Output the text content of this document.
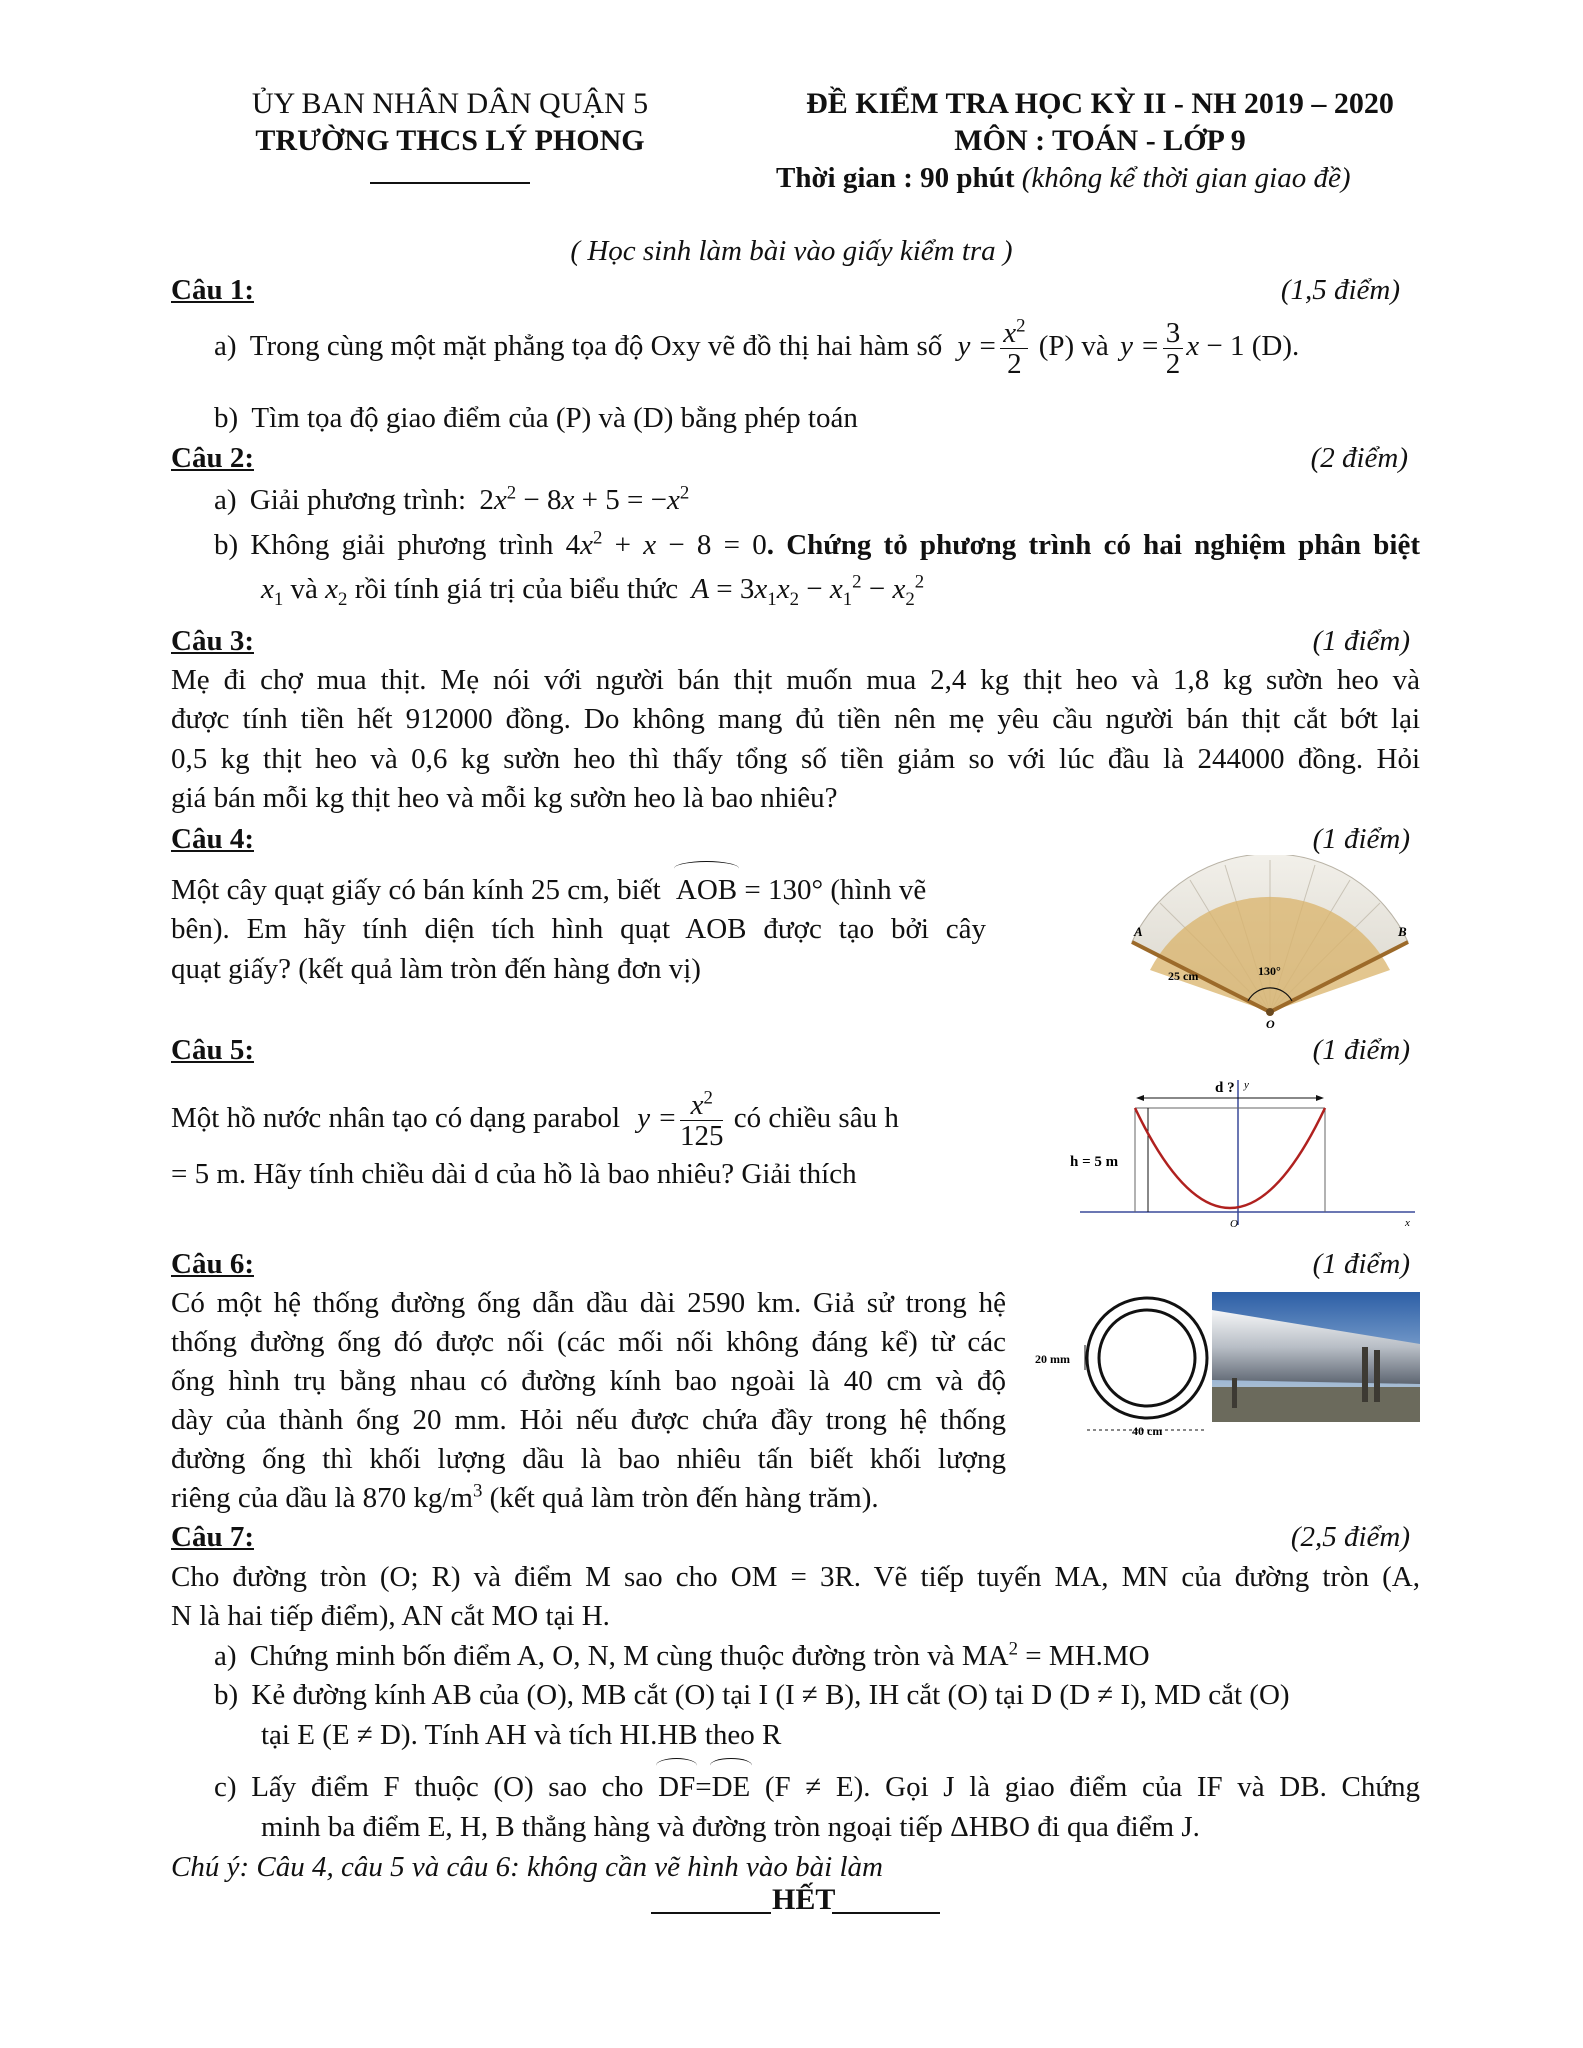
ỦY BAN NHÂN DÂN QUẬN 5
TRƯỜNG THCS LÝ PHONG
ĐỀ KIỂM TRA HỌC KỲ II - NH 2019 – 2020
MÔN : TOÁN - LỚP 9
Thời gian : 90 phút (không kể thời gian giao đề)
( Học sinh làm bài vào giấy kiểm tra )
Câu 1:	(1,5 điểm)
a) Trong cùng một mặt phẳng tọa độ Oxy vẽ đồ thị hai hàm số $y = \frac{x^2}{2} (P)$ và $y = \frac{3}{2}$ x − 1 (D).
b) Tìm tọa độ giao điểm của (P) và (D) bằng phép toán
Câu 2:	(2 điểm)
a) Giải phương trình: $2x^2 - 8x + 5 = -x^2$
b) Không giải phương trình $4x^2 + x - 8 = 0$. Chứng tỏ phương trình có hai nghiệm phân biệt
$x_1$ và $x_2$ rồi tính giá trị của biểu thức $A = 3x_1x_2 - x_1^2 - x_2^2$
Câu 3:	(1 điểm)
Mẹ đi chợ mua thịt. Mẹ nói với người bán thịt muốn mua 2,4 kg thịt heo và 1,8 kg sườn heo và
được tính tiền hết 912000 đồng. Do không mang đủ tiền nên mẹ yêu cầu người bán thịt cắt bớt lại
0,5 kg thịt heo và 0,6 kg sườn heo thì thấy tổng số tiền giảm so với lúc đầu là 244000 đồng. Hỏi
giá bán mỗi kg thịt heo và mỗi kg sườn heo là bao nhiêu?
Câu 4:	(1 điểm)
Một cây quạt giấy có bán kính 25 cm, biết AOB = 130° (hình vẽ
bên). Em hãy tính diện tích hình quạt AOB được tạo bởi cây
quạt giấy? (kết quả làm tròn đến hàng đơn vị)
A	B
O
25 cm	130°
Câu 5:	(1 điểm)
Một hồ nước nhân tạo có dạng parabol $y = \frac{x^2}{125}$ có chiều sâu h
= 5 m. Hãy tính chiều dài d của hồ là bao nhiêu? Giải thích
d ? y
x
h = 5 m
O
Câu 6:	(1 điểm)
Có một hệ thống đường ống dẫn dầu dài 2590 km. Giả sử trong hệ
thống đường ống đó được nối (các mối nối không đáng kể) từ các
ống hình trụ bằng nhau có đường kính bao ngoài là 40 cm và độ
dày của thành ống 20 mm. Hỏi nếu được chứa đầy trong hệ thống
đường ống thì khối lượng dầu là bao nhiêu tấn biết khối lượng
riêng của dầu là 870 $kg/m^3$ (kết quả làm tròn đến hàng trăm).
20 mm
40 cm
Câu 7:	(2,5 điểm)
Cho đường tròn (O; R) và điểm M sao cho OM = 3R. Vẽ tiếp tuyến MA, MN của đường tròn (A,
N là hai tiếp điểm), AN cắt MO tại H.
a) Chứng minh bốn điểm A, O, N, M cùng thuộc đường tròn và $MA^2 = MH.MO$
b) Kẻ đường kính AB của (O), MB cắt (O) tại I (I ≠ B), IH cắt (O) tại D (D ≠ I), MD cắt (O)
tại E (E ≠ D). Tính AH và tích HI.HB theo R
c) Lấy điểm F thuộc (O) sao cho DF=DE (F ≠ E). Gọi J là giao điểm của IF và DB. Chứng
minh ba điểm E, H, B thẳng hàng và đường tròn ngoại tiếp ΔHBO đi qua điểm J.
Chú ý: Câu 4, câu 5 và câu 6: không cần vẽ hình vào bài làm
HẾT
